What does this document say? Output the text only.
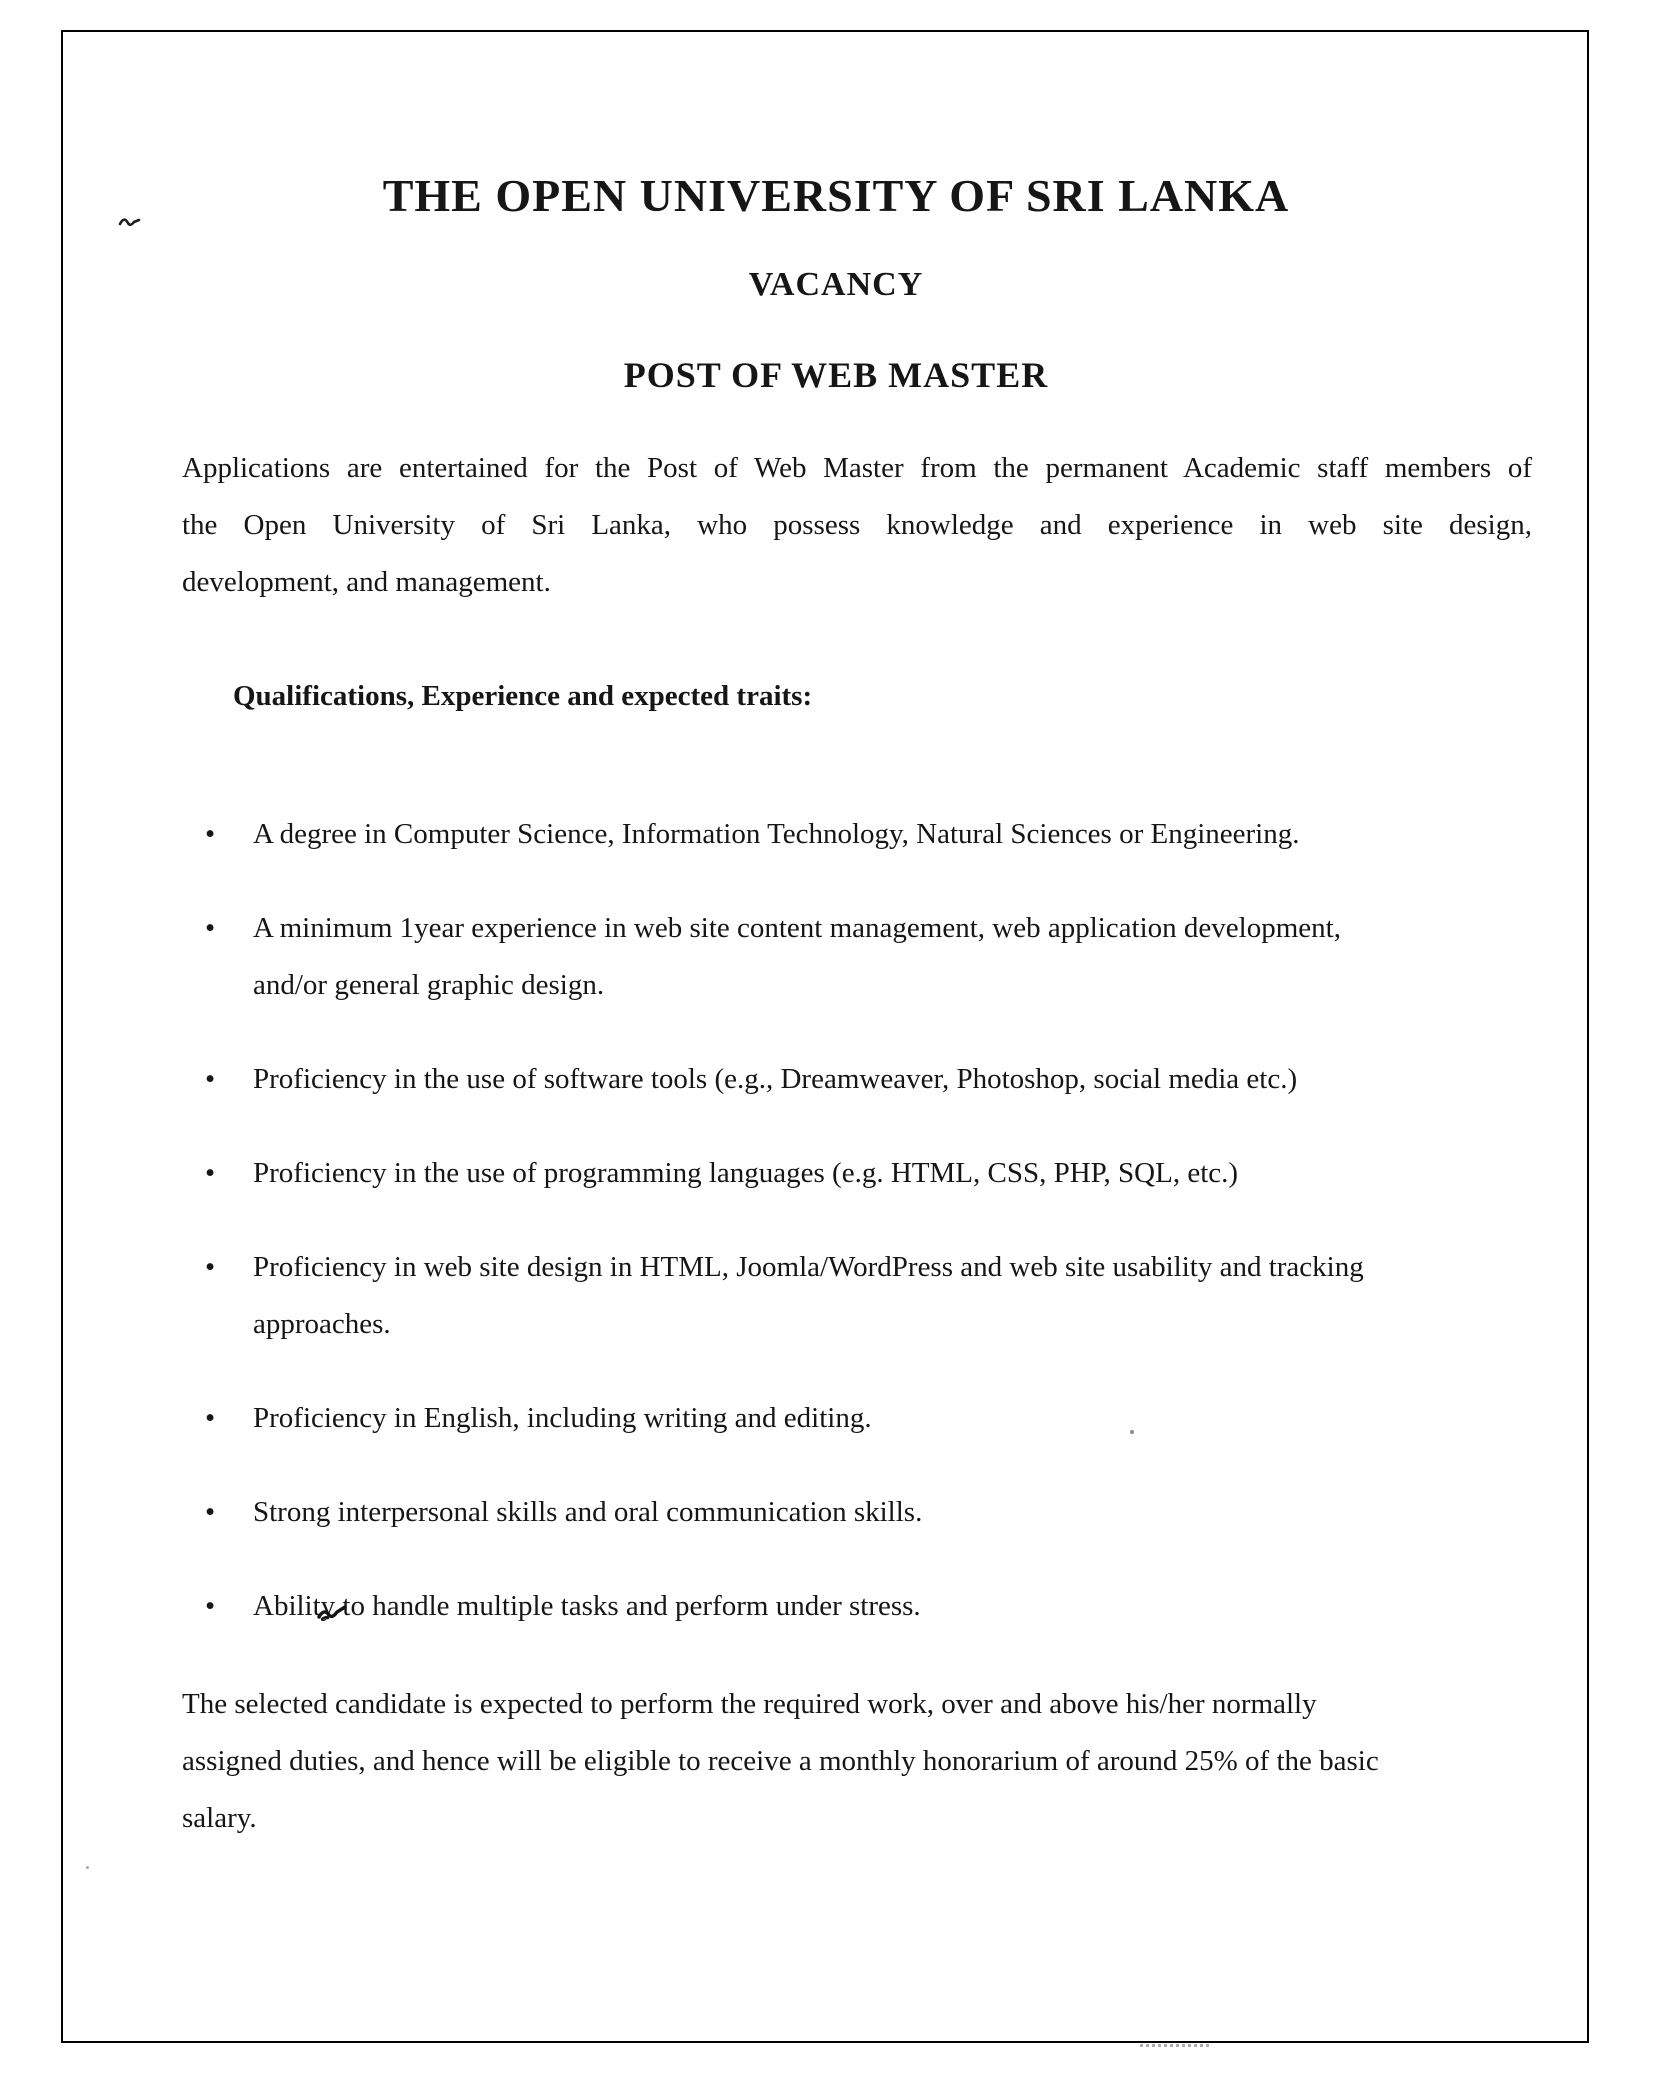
THE OPEN UNIVERSITY OF SRI LANKA
VACANCY
POST OF WEB MASTER
Applications are entertained for the Post of Web Master from the permanent Academic staff members of
the Open University of Sri Lanka, who possess knowledge and experience in web site design,
development, and management.
Qualifications, Experience and expected traits:
•	A degree in Computer Science, Information Technology, Natural Sciences or Engineering.
•	A minimum 1year experience in web site content management, web application development,
and/or general graphic design.
•	Proficiency in the use of software tools (e.g., Dreamweaver, Photoshop, social media etc.)
•	Proficiency in the use of programming languages (e.g. HTML, CSS, PHP, SQL, etc.)
•	Proficiency in web site design in HTML, Joomla/WordPress and web site usability and tracking
approaches.
•	Proficiency in English, including writing and editing.
•	Strong interpersonal skills and oral communication skills.
•	Ability to handle multiple tasks and perform under stress.
The selected candidate is expected to perform the required work, over and above his/her normally
assigned duties, and hence will be eligible to receive a monthly honorarium of around 25% of the basic
salary.
